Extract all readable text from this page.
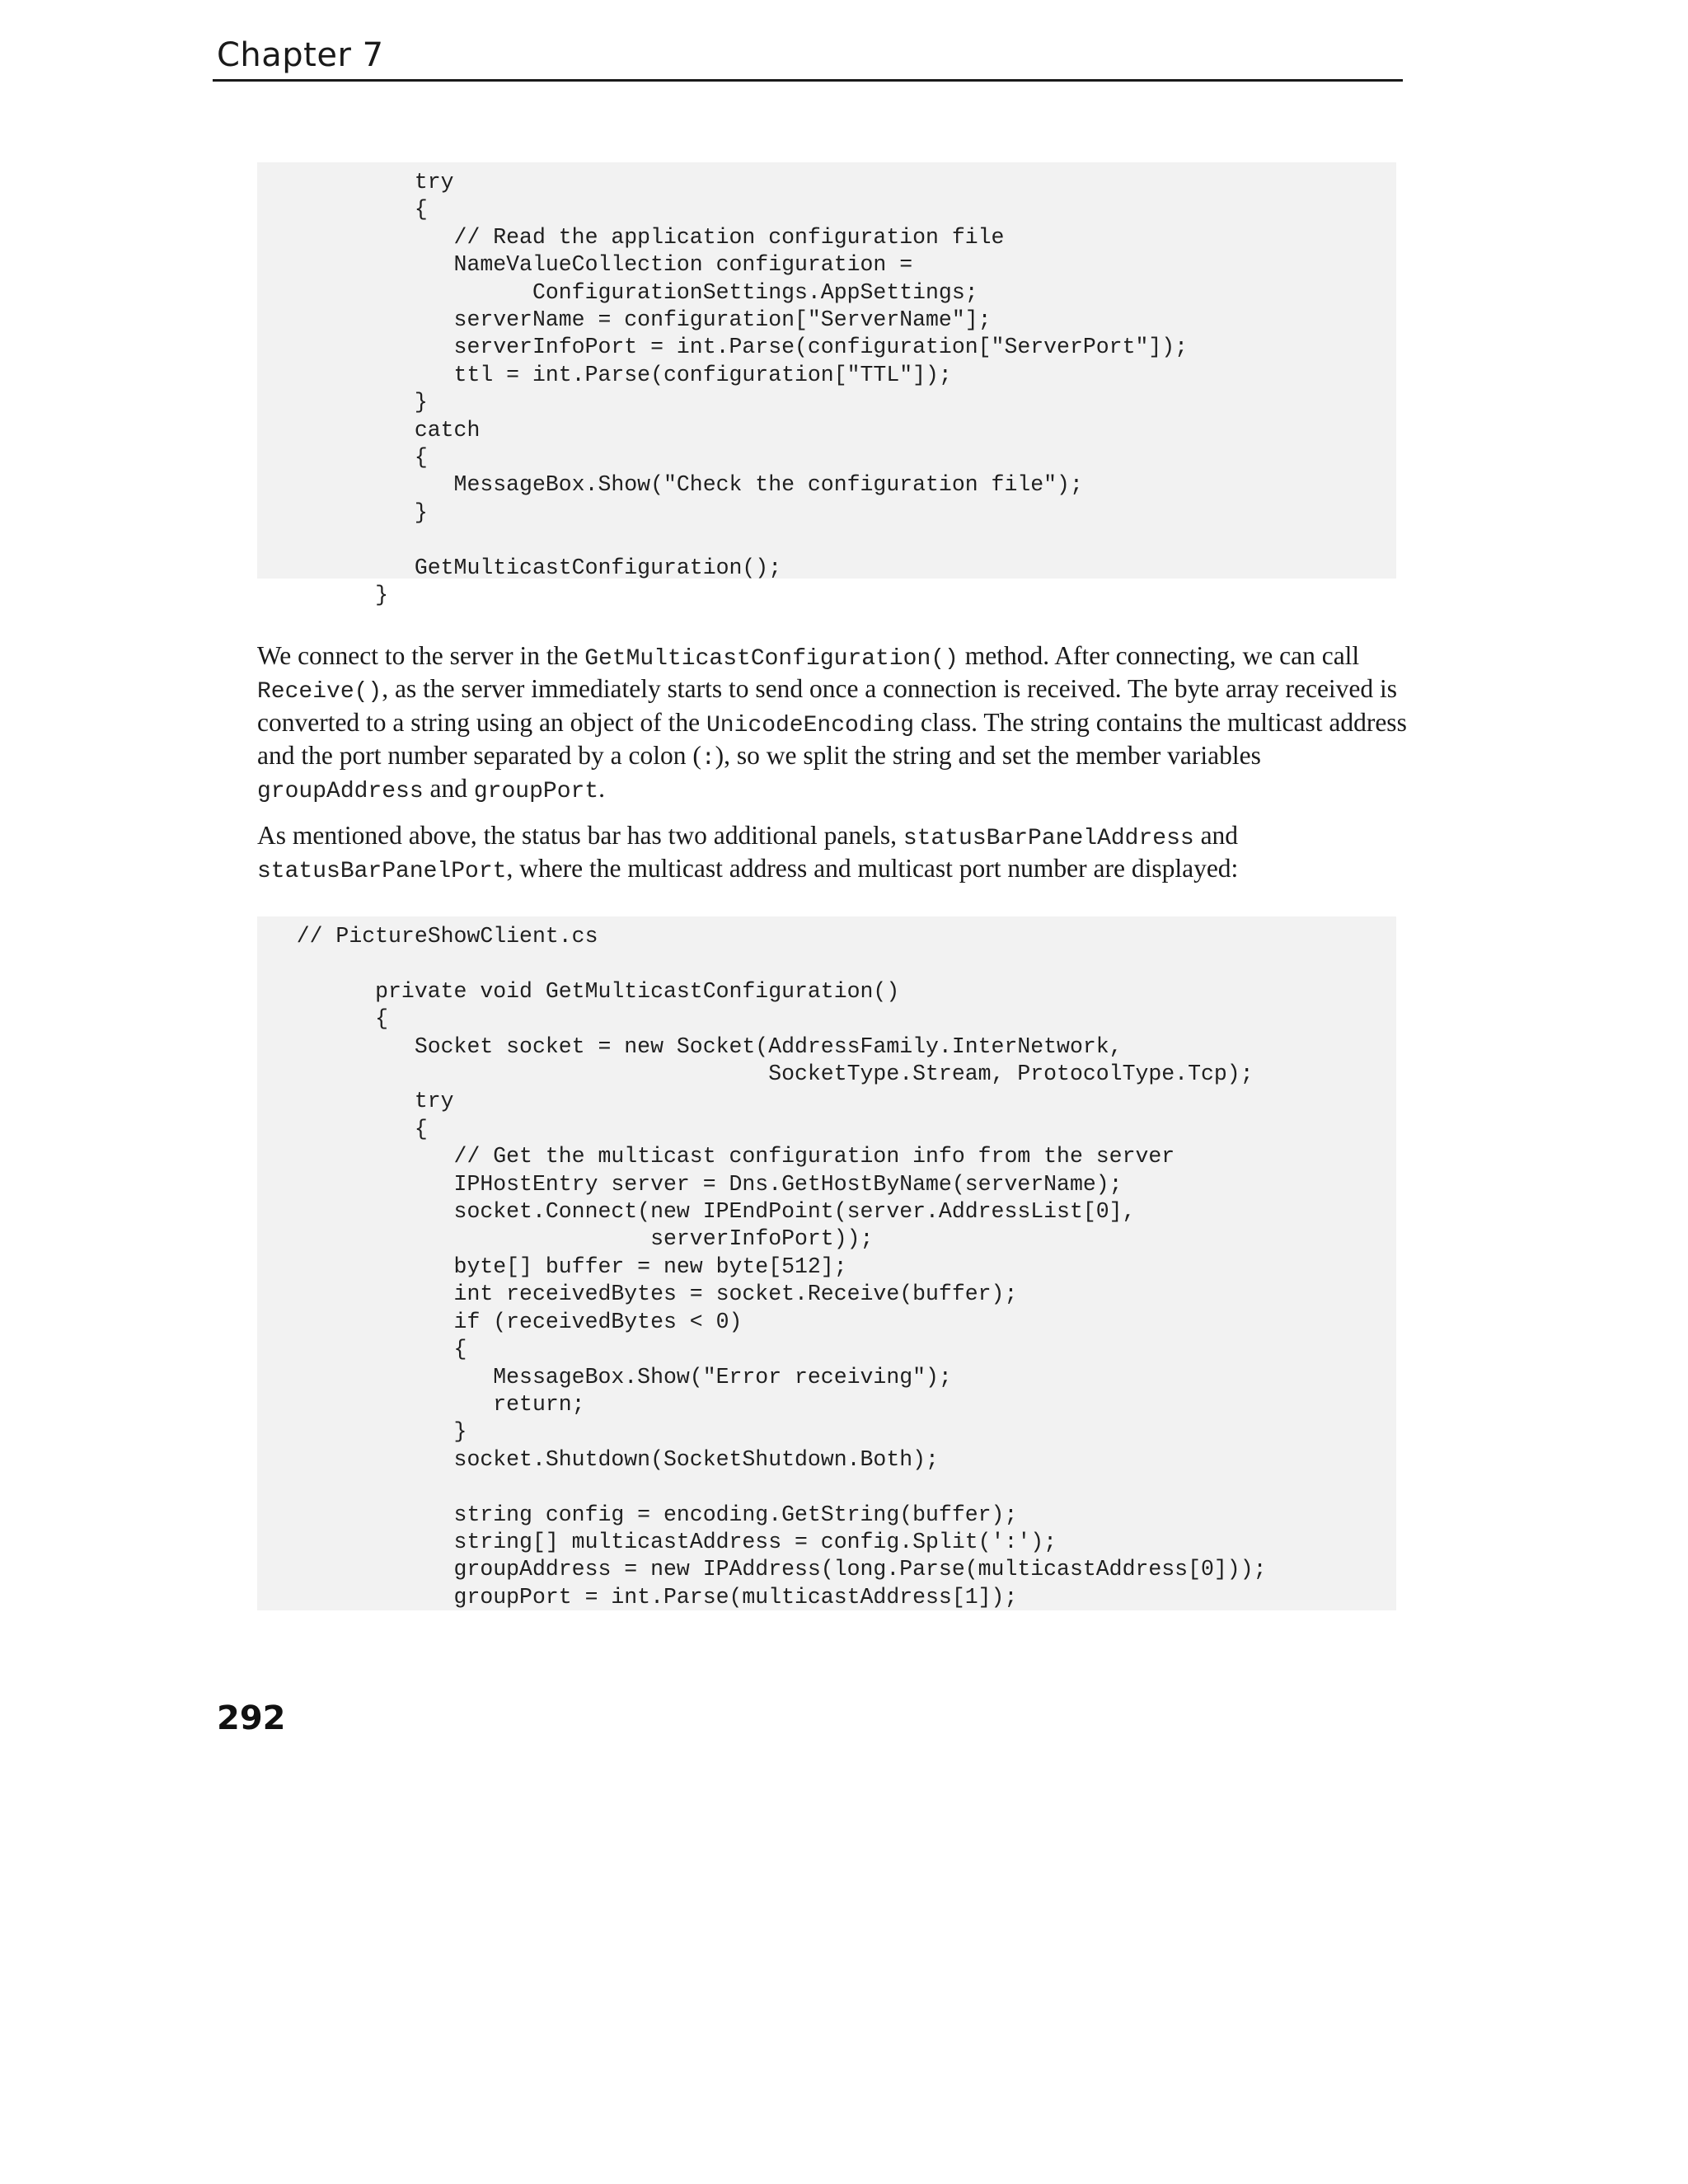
Chapter 7
try
{
// Read the application configuration file
NameValueCollection configuration =
ConfigurationSettings.AppSettings;
serverName = configuration["ServerName"];
serverInfoPort = int.Parse(configuration["ServerPort"]);
ttl = int.Parse(configuration["TTL"]);
}
catch
{
MessageBox.Show("Check the configuration file");
}

GetMulticastConfiguration();
}
We connect to the server in the GetMulticastConfiguration() method. After connecting, we can call Receive(), as the server immediately starts to send once a connection is received. The byte array received is converted to a string using an object of the UnicodeEncoding class. The string contains the multicast address and the port number separated by a colon (:), so we split the string and set the member variables groupAddress and groupPort.
As mentioned above, the status bar has two additional panels, statusBarPanelAddress and statusBarPanelPort, where the multicast address and multicast port number are displayed:
// PictureShowClient.cs

private void GetMulticastConfiguration()
{
Socket socket = new Socket(AddressFamily.InterNetwork,
SocketType.Stream, ProtocolType.Tcp);
try
{
// Get the multicast configuration info from the server
IPHostEntry server = Dns.GetHostByName(serverName);
socket.Connect(new IPEndPoint(server.AddressList[0],
serverInfoPort));
byte[] buffer = new byte[512];
int receivedBytes = socket.Receive(buffer);
if (receivedBytes < 0)
{
MessageBox.Show("Error receiving");
return;
}
socket.Shutdown(SocketShutdown.Both);

string config = encoding.GetString(buffer);
string[] multicastAddress = config.Split(':');
groupAddress = new IPAddress(long.Parse(multicastAddress[0]));
groupPort = int.Parse(multicastAddress[1]);
292
